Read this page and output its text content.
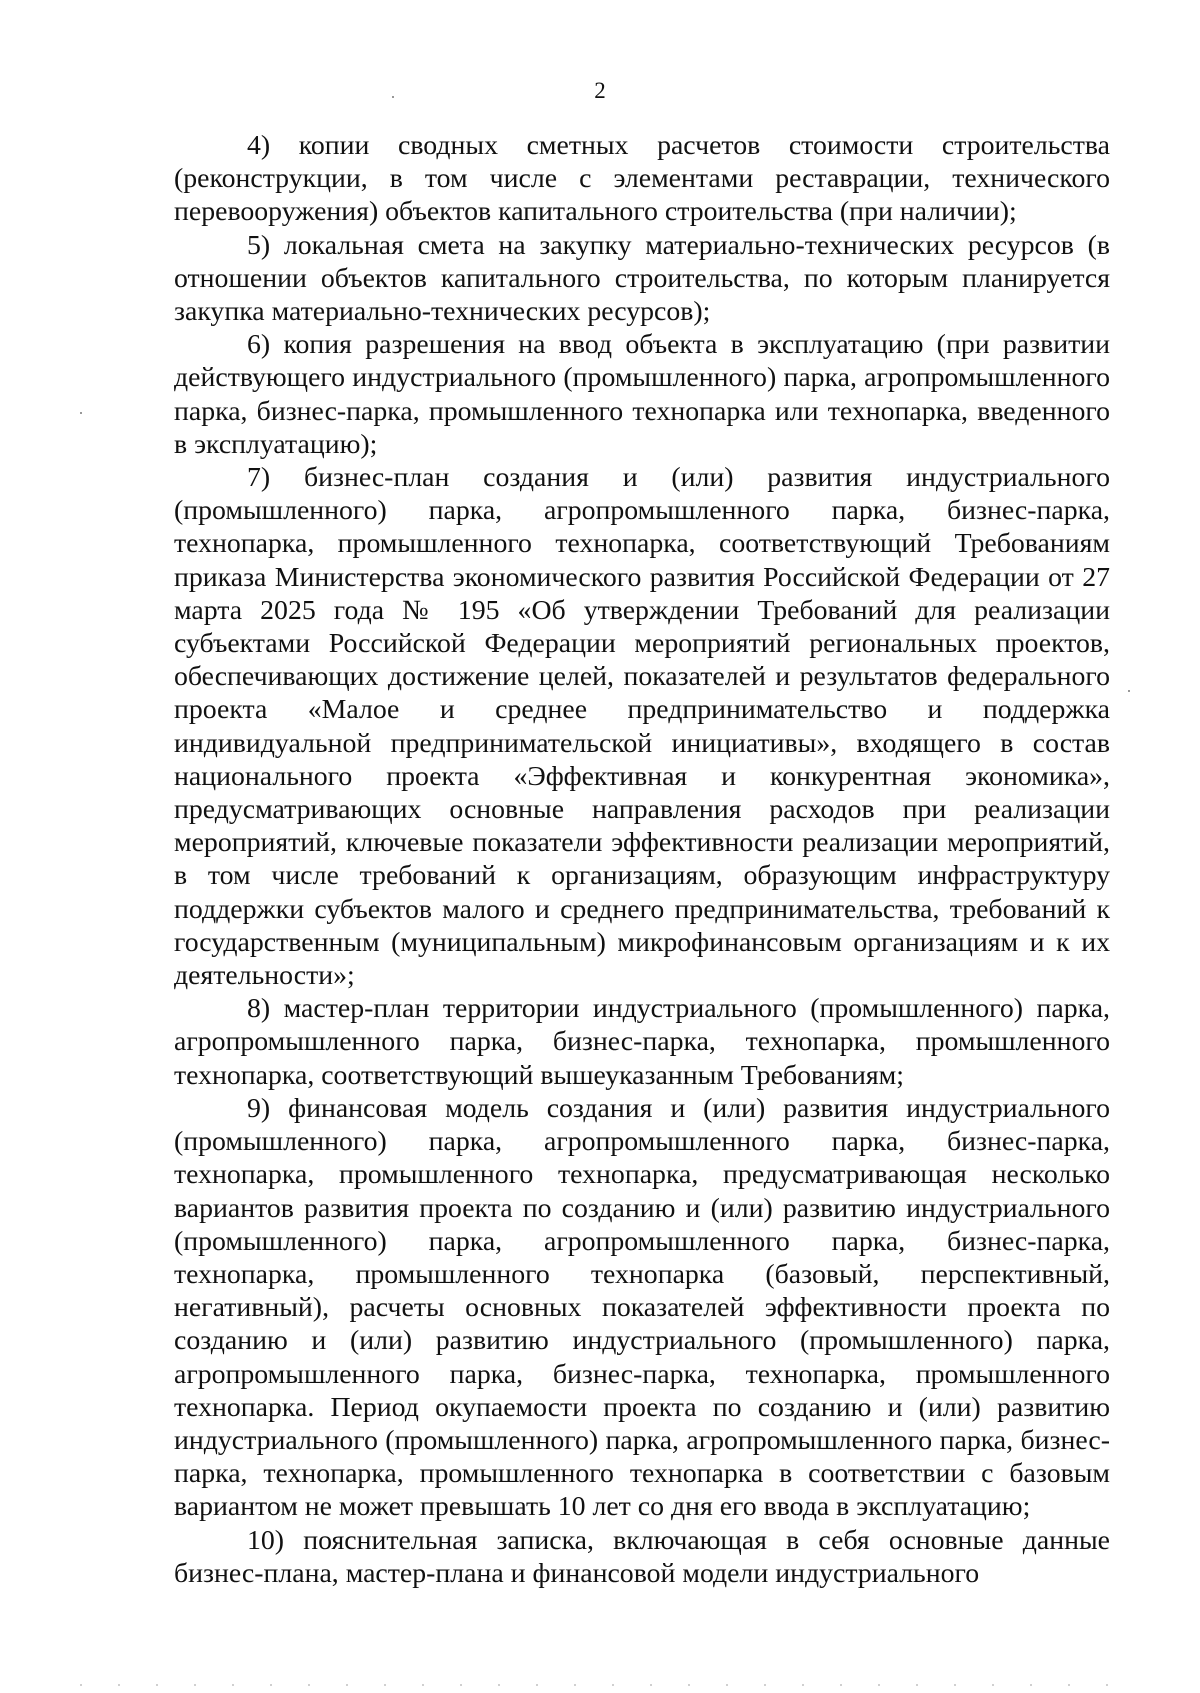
2

4) копии сводных сметных расчетов стоимости строительства (реконструкции, в том числе с элементами реставрации, технического перевооружения) объектов капитального строительства (при наличии);

5) локальная смета на закупку материально-технических ресурсов (в отношении объектов капитального строительства, по которым планируется закупка материально-технических ресурсов);

6) копия разрешения на ввод объекта в эксплуатацию (при развитии действующего индустриального (промышленного) парка, агропромышленного парка, бизнес-парка, промышленного технопарка или технопарка, введенного в эксплуатацию);

7) бизнес-план создания и (или) развития индустриального (промышленного) парка, агропромышленного парка, бизнес-парка, технопарка, промышленного технопарка, соответствующий Требованиям приказа Министерства экономического развития Российской Федерации от 27 марта 2025 года № 195 «Об утверждении Требований для реализации субъектами Российской Федерации мероприятий региональных проектов, обеспечивающих достижение целей, показателей и результатов федерального проекта «Малое и среднее предпринимательство и поддержка индивидуальной предпринимательской инициативы», входящего в состав национального проекта «Эффективная и конкурентная экономика», предусматривающих основные направления расходов при реализации мероприятий, ключевые показатели эффективности реализации мероприятий, в том числе требований к организациям, образующим инфраструктуру поддержки субъектов малого и среднего предпринимательства, требований к государственным (муниципальным) микрофинансовым организациям и к их деятельности»;

8) мастер-план территории индустриального (промышленного) парка, агропромышленного парка, бизнес-парка, технопарка, промышленного технопарка, соответствующий вышеуказанным Требованиям;

9) финансовая модель создания и (или) развития индустриального (промышленного) парка, агропромышленного парка, бизнес-парка, технопарка, промышленного технопарка, предусматривающая несколько вариантов развития проекта по созданию и (или) развитию индустриального (промышленного) парка, агропромышленного парка, бизнес-парка, технопарка, промышленного технопарка (базовый, перспективный, негативный), расчеты основных показателей эффективности проекта по созданию и (или) развитию индустриального (промышленного) парка, агропромышленного парка, бизнес-парка, технопарка, промышленного технопарка. Период окупаемости проекта по созданию и (или) развитию индустриального (промышленного) парка, агропромышленного парка, бизнес-парка, технопарка, промышленного технопарка в соответствии с базовым вариантом не может превышать 10 лет со дня его ввода в эксплуатацию;

10) пояснительная записка, включающая в себя основные данные бизнес-плана, мастер-плана и финансовой модели индустриального
